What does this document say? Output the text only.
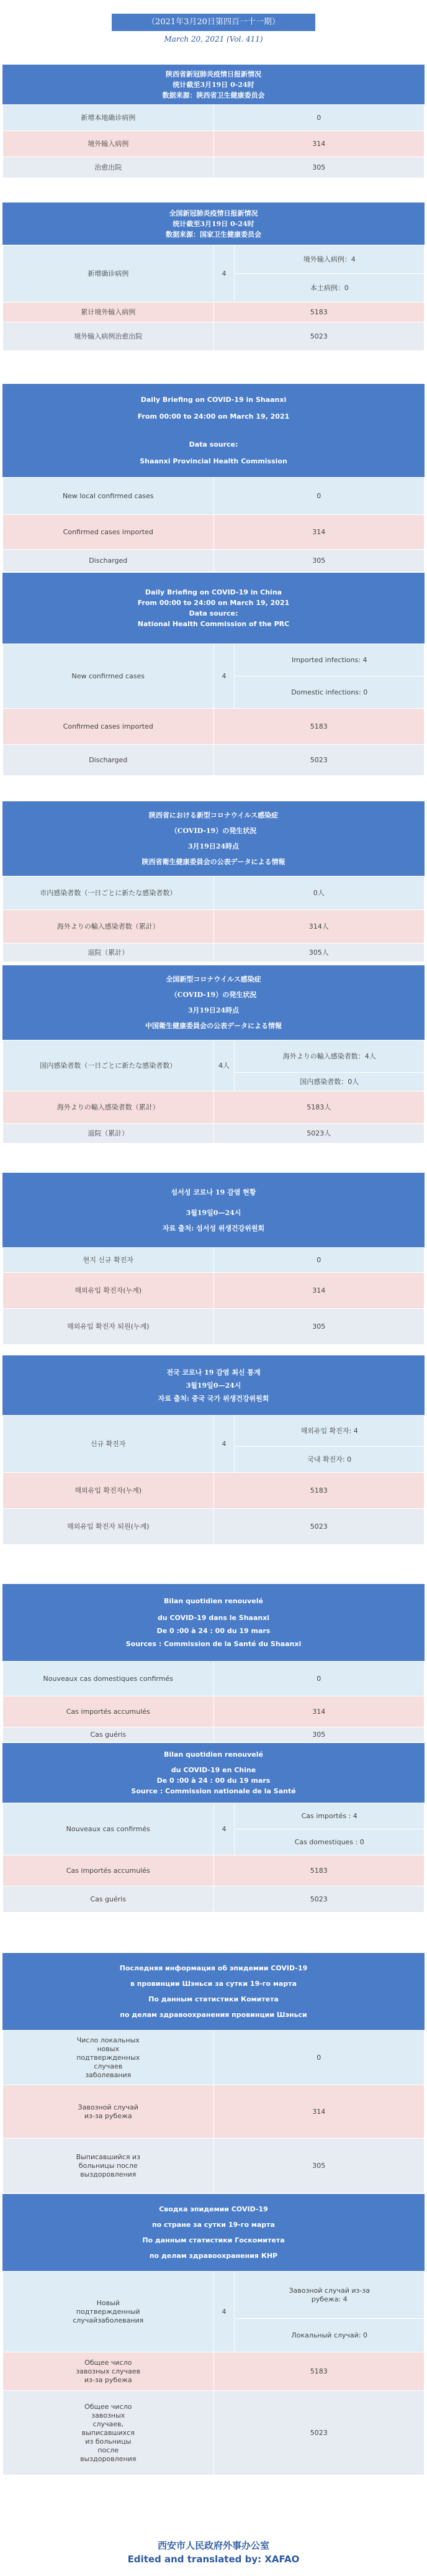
（2021年3月20日第四百一十一期）
March 20, 2021 (Vol. 411)
陕西省新冠肺炎疫情日报新情况
统计截至3月19日 0-24时
数据来源：陕西省卫生健康委员会
新增本地确诊病例	0
境外输入病例	314
治愈出院	305
全国新冠肺炎疫情日报新情况
统计截至3月19日 0-24时
数据来源：国家卫生健康委员会
新增确诊病例	4	境外输入病例：4
		本土病例：0
累计境外输入病例	5183	
境外输入病例治愈出院	5023	
Daily Briefing on COVID-19 in Shaanxi
From 00:00 to 24:00 on March 19, 2021
Data source:
Shaanxi Provincial Health Commission
New local confirmed cases	0
Confirmed cases imported	314
Discharged	305
Daily Briefing on COVID-19 in China
From 00:00 to 24:00 on March 19, 2021
Data source:
National Health Commission of the PRC
New confirmed cases	4	Imported infections: 4
		Domestic infections: 0
Confirmed cases imported	5183	
Discharged	5023	
陝西省における新型コロナウイルス感染症
（COVID-19）の発生状況
3月19日24時点
陝西省衛生健康委員会の公表データによる情報
市内感染者数（一日ごとに新たな感染者数）	0人
海外よりの輸入感染者数（累計）	314人
退院（累計）	305人
全国新型コロナウイルス感染症
（COVID-19）の発生状況
3月19日24時点
中国衛生健康委員会の公表データによる情報
国内感染者数（一日ごとに新たな感染者数）	4人	海外よりの輸入感染者数：4人
		国内感染者数：0人
海外よりの輸入感染者数（累計）	5183人	
退院（累計）	5023人	
섬서성 코로나 19 감염 현황
3월19일0—24시
자료 출처: 섬서성 위생건강위원회
현지 신규 확진자	0
해외유입 확진자(누계)	314
해외유입 확진자 퇴원(누계)	305
전국 코로나 19 감염 최신 통계
3월19일0—24시
자료 출처: 중국 국가 위생건강위원회
신규 확진자	4	해외유입 확진자: 4
		국내 확진자: 0
해외유입 확진자(누계)	5183	
해외유입 확진자 퇴원(누계)	5023	
Bilan quotidien renouvelé
du COVID-19 dans le Shaanxi
De 0 :00 à 24 : 00 du 19 mars
Sources : Commission de la Santé du Shaanxi
Nouveaux cas domestiques confirmés	0
Cas importés accumulés	314
Cas guéris	305
Bilan quotidien renouvelé
du COVID-19 en Chine
De 0 :00 à 24 : 00 du 19 mars
Source : Commission nationale de la Santé
Nouveaux cas confirmés	4	Cas importés : 4
		Cas domestiques : 0
Cas importés accumulés	5183	
Cas guéris	5023	
Последняя информация об эпидемии COVID-19
в провинции Шэньси за сутки 19-го марта
По данным статистики Комитета
по делам здравоохранения провинции Шэньси
Число локальных новых подтвержденных случаев заболевания	0
Завозной случай из-за рубежа	314
Выписавшийся из больницы после выздоровления	305
Сводка эпидемии COVID-19
по стране за сутки 19-го марта
По данным статистики Госкомитета
по делам здравоохранения КНР
Новый подтвержденный случайзаболевания	4	Завозной случай из-за рубежа: 4
		Локальный случай: 0
Общее число завозных случаев из-за рубежа	5183	
Общее число завозных случаев, выписавшихся из больницы после выздоровления	5023	
西安市人民政府外事办公室
Edited and translated by: XAFAO
